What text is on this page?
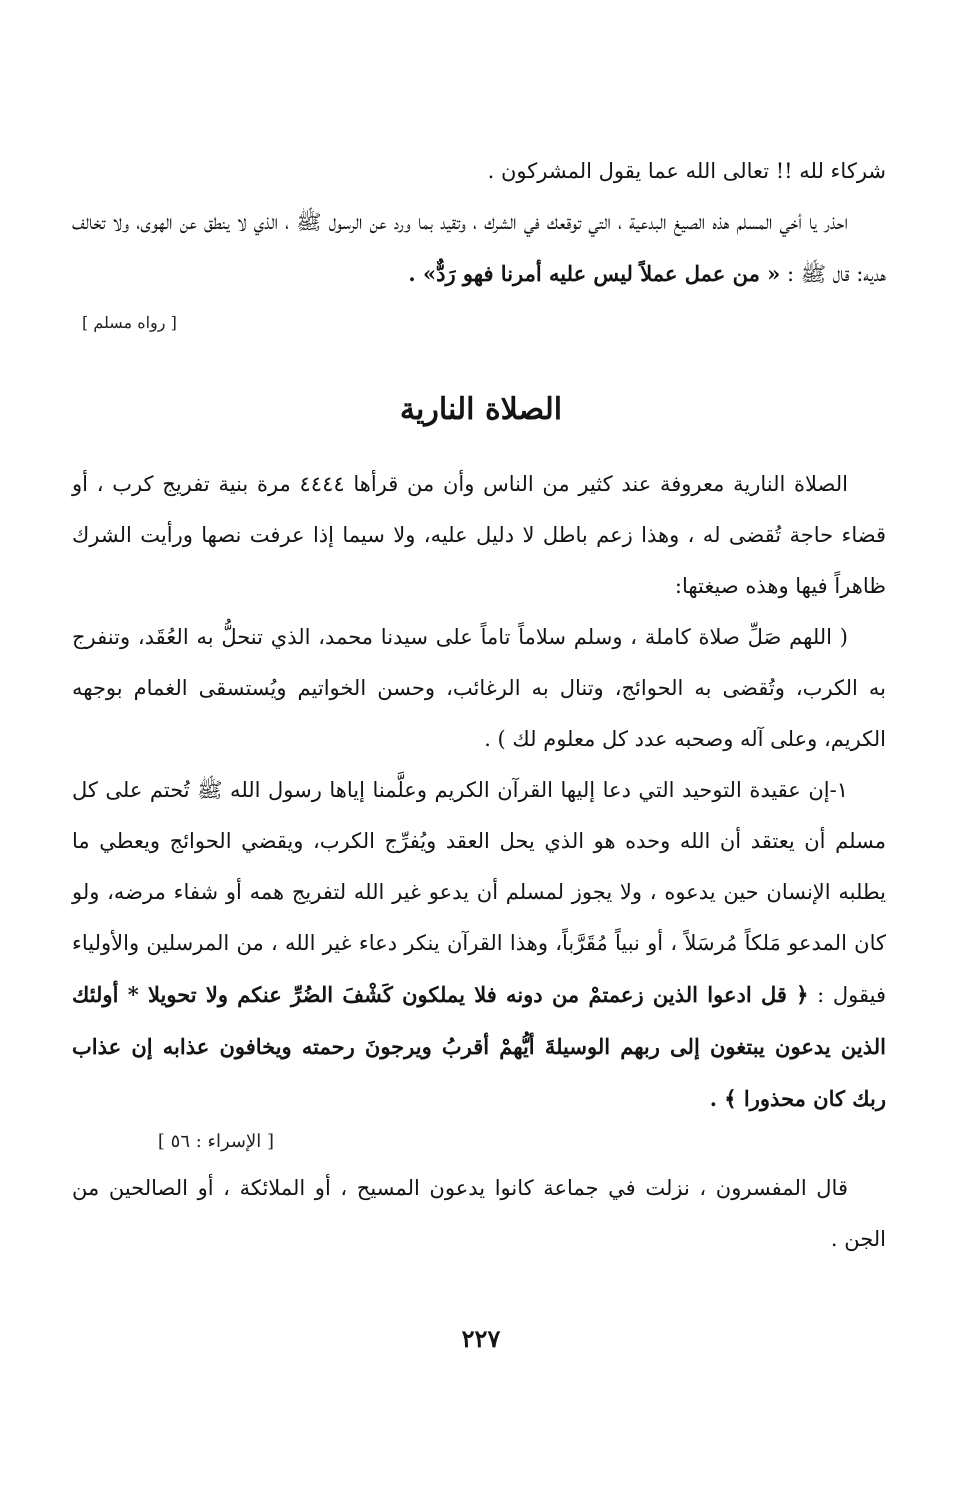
شركاء لله !! تعالى الله عما يقول المشركون .

احذر يا أخي المسلم هذه الصيغ البدعية ، التي توقعك في الشرك ، وتقيد بما ورد عن الرسول ﷺ ، الذي لا ينطق عن الهوى، ولا تخالف هديه: قال ﷺ : « من عمل عملاً ليس عليه أمرنا فهو رَدٌّ» .

[ رواه مسلم ]
الصلاة النارية

الصلاة النارية معروفة عند كثير من الناس وأن من قرأها ٤٤٤٤ مرة بنية تفريج كرب ، أو قضاء حاجة تُقضى له ، وهذا زعم باطل لا دليل عليه، ولا سيما إذا عرفت نصها ورأيت الشرك ظاهراً فيها وهذه صيغتها:

( اللهم صَلِّ صلاة كاملة ، وسلم سلاماً تاماً على سيدنا محمد، الذي تنحلُّ به العُقَد، وتنفرج به الكرب، وتُقضى به الحوائج، وتنال به الرغائب، وحسن الخواتيم ويُستسقى الغمام بوجهه الكريم، وعلى آله وصحبه عدد كل معلوم لك ) .

١-إن عقيدة التوحيد التي دعا إليها القرآن الكريم وعلَّمنا إياها رسول الله ﷺ تُحتم على كل مسلم أن يعتقد أن الله وحده هو الذي يحل العقد ويُفرِّج الكرب، ويقضي الحوائج ويعطي ما يطلبه الإنسان حين يدعوه ، ولا يجوز لمسلم أن يدعو غير الله لتفريج همه أو شفاء مرضه، ولو كان المدعو مَلكاً مُرسَلاً ، أو نبياً مُقَرَّباً، وهذا القرآن ينكر دعاء غير الله ، من المرسلين والأولياء فيقول : ﴿ قل ادعوا الذين زعمتمْ من دونه فلا يملكون كَشْفَ الضُرِّ عنكم ولا تحويلا * أولئك الذين يدعون يبتغون إلى ربهم الوسيلةَ أيُّهمْ أقربُ ويرجونَ رحمته ويخافون عذابه إن عذاب ربك كان محذورا ﴾ .

[ الإسراء : ٥٦ ]

قال المفسرون ، نزلت في جماعة كانوا يدعون المسيح ، أو الملائكة ، أو الصالحين من الجن .

٢٢٧
